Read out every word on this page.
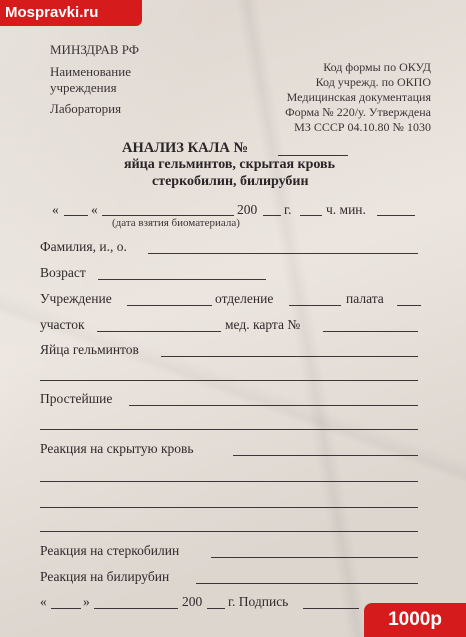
Mospravki.ru
МИНЗДРАВ РФ
Наименование
учреждения
Лаборатория
Код формы по ОКУД
Код учрежд. по ОКПО
Медицинская документация
Форма № 220/у. Утверждена
МЗ СССР 04.10.80 № 1030
АНАЛИЗ КАЛА №
яйца гельминтов, скрытая кровь
стеркобилин, билирубин
« «	200 г.	ч. мин.
(дата взятия биоматериала)
Фамилия, и., о.
Возраст
Учреждение	отделение	палата
участок	мед. карта №
Яйца гельминтов
Простейшие
Реакция на скрытую кровь
Реакция на стеркобилин
Реакция на билирубин
«	»	200 г. Подпись
1000р
